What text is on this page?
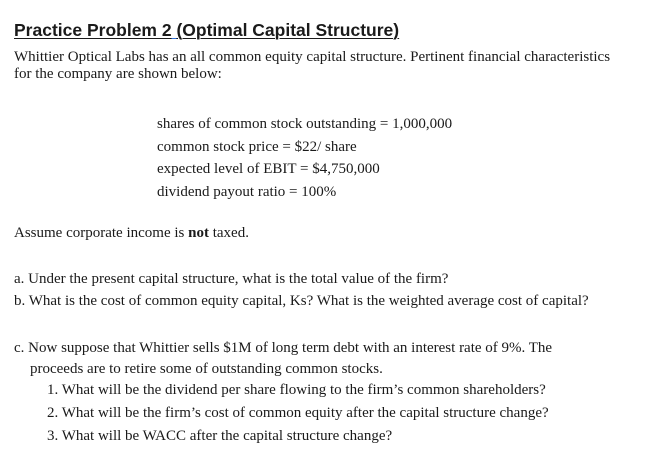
Practice Problem 2 (Optimal Capital Structure)
Whittier Optical Labs has an all common equity capital structure. Pertinent financial characteristics for the company are shown below:
shares of common stock outstanding = 1,000,000
common stock price = $22/ share
expected level of EBIT = $4,750,000
dividend payout ratio = 100%
Assume corporate income is not taxed.
a. Under the present capital structure, what is the total value of the firm?
b. What is the cost of common equity capital, Ks? What is the weighted average cost of capital?
c. Now suppose that Whittier sells $1M of long term debt with an interest rate of 9%. The
proceeds are to retire some of outstanding common stocks.
1. What will be the dividend per share flowing to the firm’s common shareholders?
2. What will be the firm’s cost of common equity after the capital structure change?
3. What will be WACC after the capital structure change?
